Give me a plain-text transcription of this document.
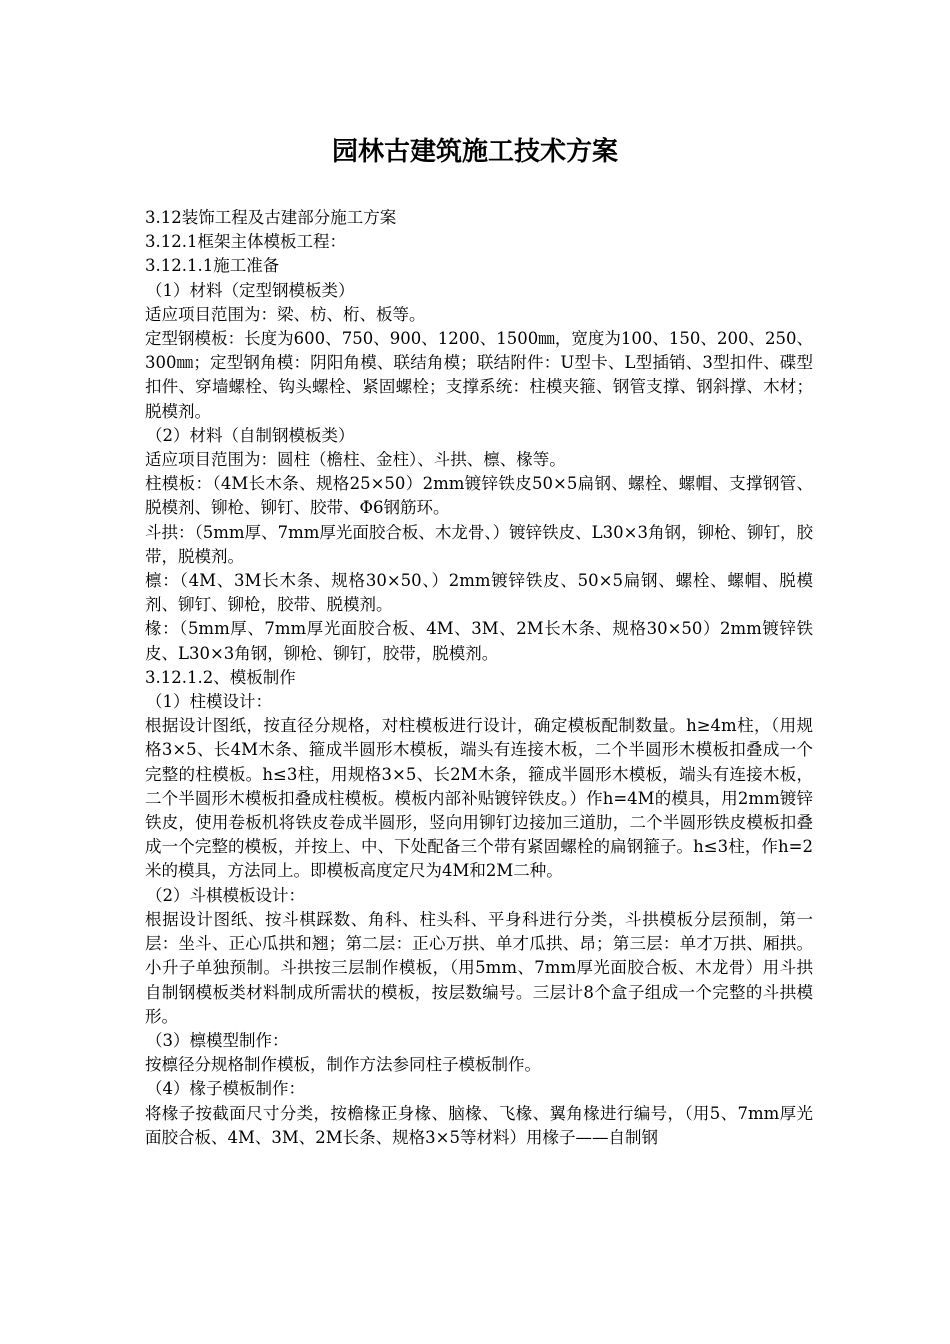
园林古建筑施工技术方案

3.12装饰工程及古建部分施工方案

3.12.1框架主体模板工程：

3.12.1.1施工准备

（1）材料（定型钢模板类）

适应项目范围为：梁、枋、桁、板等。

定型钢模板：长度为600、750、900、1200、1500㎜，宽度为100、150、200、250、300㎜；定型钢角模：阴阳角模、联结角模；联结附件：U型卡、L型插销、3型扣件、碟型扣件、穿墙螺栓、钩头螺栓、紧固螺栓；支撑系统：柱模夹箍、钢管支撑、钢斜撑、木材；脱模剂。

（2）材料（自制钢模板类）

适应项目范围为：圆柱（檐柱、金柱）、斗拱、檩、椽等。

柱模板：（4M长木条、规格25×50）2mm镀锌铁皮50×5扁钢、螺栓、螺帽、支撑钢管、脱模剂、铆枪、铆钉、胶带、Φ6钢筋环。

斗拱：（5mm厚、7mm厚光面胶合板、木龙骨、）镀锌铁皮、L30×3角钢，铆枪、铆钉，胶带，脱模剂。

檩：（4M、3M长木条、规格30×50、）2mm镀锌铁皮、50×5扁钢、螺栓、螺帽、脱模剂、铆钉、铆枪，胶带、脱模剂。

椽：（5mm厚、7mm厚光面胶合板、4M、3M、2M长木条、规格30×50）2mm镀锌铁皮、L30×3角钢，铆枪、铆钉，胶带，脱模剂。

3.12.1.2、模板制作

（1）柱模设计：

根据设计图纸，按直径分规格，对柱模板进行设计，确定模板配制数量。h≥4m柱，（用规格3×5、长4M木条、箍成半圆形木模板，端头有连接木板，二个半圆形木模板扣叠成一个完整的柱模板。h≤3柱，用规格3×5、长2M木条，箍成半圆形木模板，端头有连接木板，二个半圆形木模板扣叠成柱模板。模板内部补贴镀锌铁皮。）作h=4M的模具，用2mm镀锌铁皮，使用卷板机将铁皮卷成半圆形，竖向用铆钉边接加三道肋，二个半圆形铁皮模板扣叠成一个完整的模板，并按上、中、下处配备三个带有紧固螺栓的扁钢箍子。h≤3柱，作h=2米的模具，方法同上。即模板高度定尺为4M和2M二种。

（2）斗棋模板设计：

根据设计图纸、按斗棋踩数、角科、柱头科、平身科进行分类，斗拱模板分层预制，第一层：坐斗、正心瓜拱和翘；第二层：正心万拱、单才瓜拱、昂；第三层：单才万拱、厢拱。小升子单独预制。斗拱按三层制作模板，（用5mm、7mm厚光面胶合板、木龙骨）用斗拱自制钢模板类材料制成所需状的模板，按层数编号。三层计8个盒子组成一个完整的斗拱模形。

（3）檩模型制作：

按檩径分规格制作模板，制作方法参同柱子模板制作。

（4）椽子模板制作：

将椽子按截面尺寸分类，按檐椽正身椽、脑椽、飞椽、翼角椽进行编号，（用5、7mm厚光面胶合板、4M、3M、2M长条、规格3×5等材料）用椽子——自制钢
